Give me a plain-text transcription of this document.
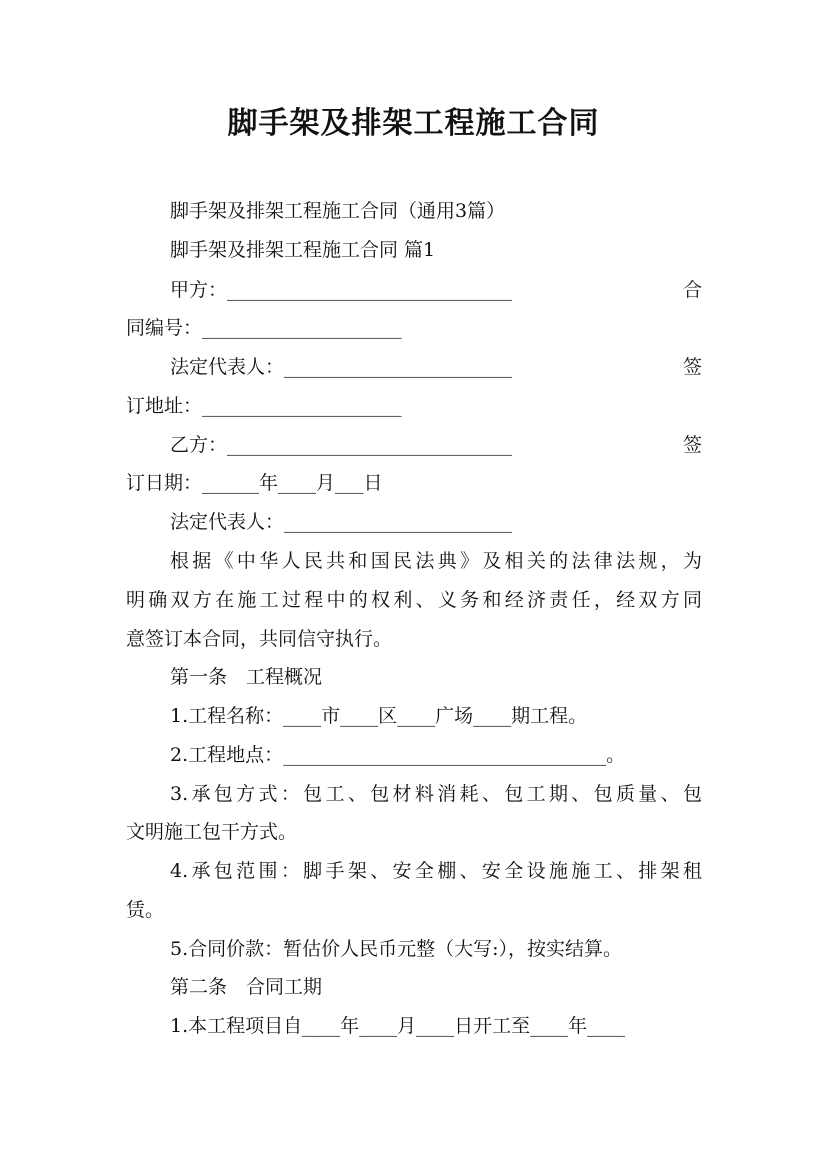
脚手架及排架工程施工合同
脚手架及排架工程施工合同（通用3篇）
脚手架及排架工程施工合同 篇1
甲方：______________________________	合
同编号：_____________________
法定代表人：________________________	签
订地址：_____________________
乙方：______________________________	签
订日期：______年____月___日
法定代表人：________________________
根据《中华人民共和国民法典》及相关的法律法规，为
明确双方在施工过程中的权利、义务和经济责任，经双方同
意签订本合同，共同信守执行。
第一条　工程概况
1.工程名称：____市____区____广场____期工程。
2.工程地点：__________________________________。
3.承包方式：包工、包材料消耗、包工期、包质量、包
文明施工包干方式。
4.承包范围：脚手架、安全棚、安全设施施工、排架租
赁。
5.合同价款：暂估价人民币元整（大写:），按实结算。
第二条　合同工期
1.本工程项目自____年____月____日开工至____年____
